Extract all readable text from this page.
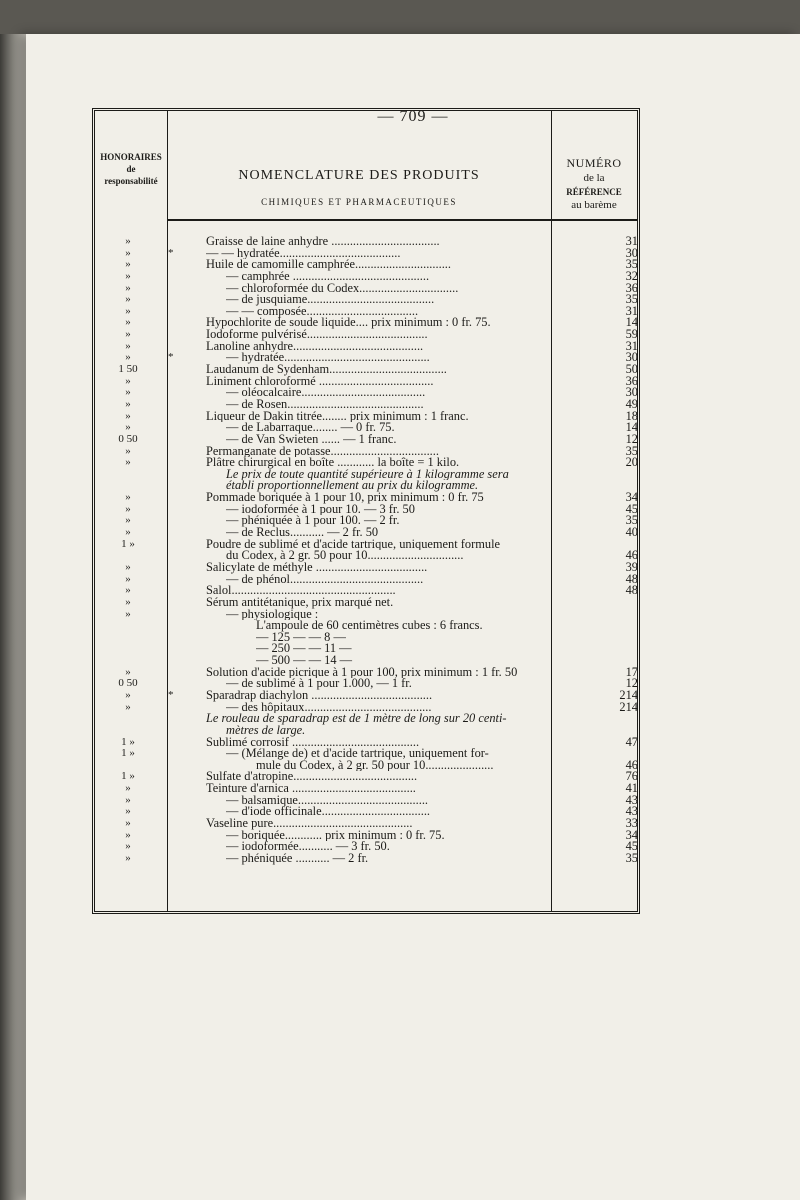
— 709 —
HONORAIRES
de
responsabilité	NOMENCLATURE DES PRODUITS
CHIMIQUES ET PHARMACEUTIQUES
NUMÉRO
de la
RÉFÉRENCE
au barème
»	Graisse de laine anhydre ...................................	31
»	*	— — hydratée.......................................	30
»	Huile de camomille camphrée...............................	35
»	— camphrée ............................................	32
»	— chloroformée du Codex................................	36
»	— de jusquiame.........................................	35
»	— — composée....................................	31
»	Hypochlorite de soude liquide.... prix minimum : 0 fr. 75.	14
»	Iodoforme pulvérisé.......................................	59
»	Lanoline anhydre..........................................	31
»	*	— hydratée...............................................	30
1 50	Laudanum de Sydenham......................................	50
»	Liniment chloroformé .....................................	36
»	— oléocalcaire........................................	30
»	— de Rosen............................................	49
»	Liqueur de Dakin titrée........ prix minimum : 1 franc.	18
»	— de Labarraque........ — 0 fr. 75.	14
0 50	— de Van Swieten ...... — 1 franc.	12
»	Permanganate de potasse...................................	35
»	Plâtre chirurgical en boîte ............ la boîte = 1 kilo.	20
Le prix de toute quantité supérieure à 1 kilogramme sera
établi proportionnellement au prix du kilogramme.
»	Pommade boriquée à 1 pour 10, prix minimum : 0 fr. 75	34
»	— iodoformée à 1 pour 10. — 3 fr. 50	45
»	— phéniquée à 1 pour 100. — 2 fr.	35
»	— de Reclus........... — 2 fr. 50	40
1 »	Poudre de sublimé et d'acide tartrique, uniquement formule
du Codex, à 2 gr. 50 pour 10...............................	46
»	Salicylate de méthyle ....................................	39
»	— de phénol...........................................	48
»	Salol.....................................................	48
»	Sérum antitétanique, prix marqué net.
»	— physiologique :
L'ampoule de 60 centimètres cubes : 6 francs.
— 125 — — 8 —
— 250 — — 11 —
— 500 — — 14 —
»	Solution d'acide picrique à 1 pour 100, prix minimum : 1 fr. 50	17
0 50	— de sublimé à 1 pour 1.000, — 1 fr.	12
»	*	Sparadrap diachylon .......................................	214
»	— des hôpitaux.........................................	214
Le rouleau de sparadrap est de 1 mètre de long sur 20 centi-
mètres de large.
1 »	Sublimé corrosif .........................................	47
1 »	— (Mélange de) et d'acide tartrique, uniquement for-
mule du Codex, à 2 gr. 50 pour 10......................	46
1 »	Sulfate d'atropine........................................	76
»	Teinture d'arnica ........................................	41
»	— balsamique..........................................	43
»	— d'iode officinale...................................	43
»	Vaseline pure.............................................	33
»	— boriquée............ prix minimum : 0 fr. 75.	34
»	— iodoformée........... — 3 fr. 50.	45
»	— phéniquée ........... — 2 fr.	35
